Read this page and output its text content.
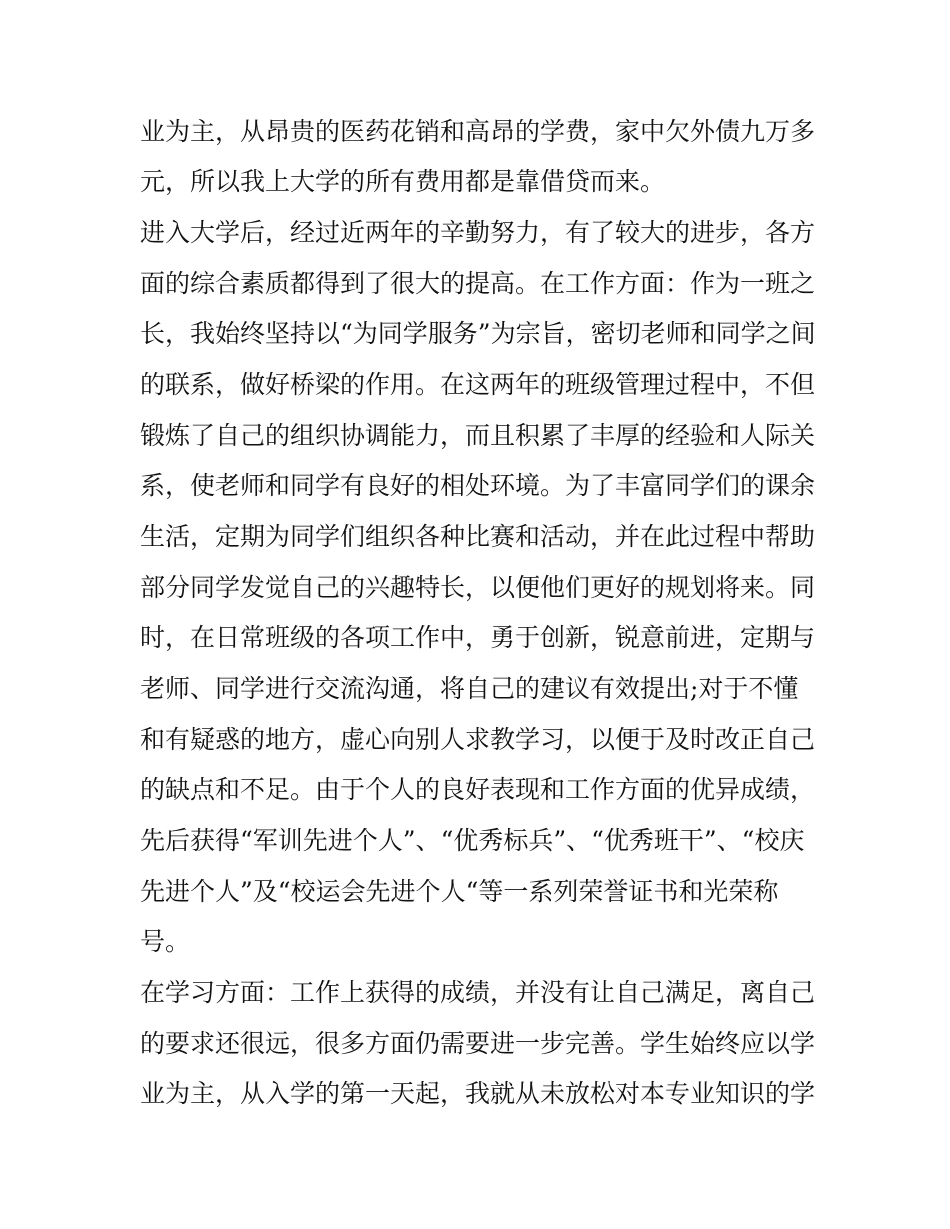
业为主，从昂贵的医药花销和高昂的学费，家中欠外债九万多
元，所以我上大学的所有费用都是靠借贷而来。
进入大学后，经过近两年的辛勤努力，有了较大的进步，各方
面的综合素质都得到了很大的提高。在工作方面：作为一班之
长，我始终坚持以“为同学服务”为宗旨，密切老师和同学之间
的联系，做好桥梁的作用。在这两年的班级管理过程中，不但
锻炼了自己的组织协调能力，而且积累了丰厚的经验和人际关
系，使老师和同学有良好的相处环境。为了丰富同学们的课余
生活，定期为同学们组织各种比赛和活动，并在此过程中帮助
部分同学发觉自己的兴趣特长，以便他们更好的规划将来。同
时，在日常班级的各项工作中，勇于创新，锐意前进，定期与
老师、同学进行交流沟通，将自己的建议有效提出;对于不懂
和有疑惑的地方，虚心向别人求教学习，以便于及时改正自己
的缺点和不足。由于个人的良好表现和工作方面的优异成绩，
先后获得“军训先进个人”、“优秀标兵”、“优秀班干”、“校庆
先进个人”及“校运会先进个人“等一系列荣誉证书和光荣称
号。
在学习方面：工作上获得的成绩，并没有让自己满足，离自己
的要求还很远，很多方面仍需要进一步完善。学生始终应以学
业为主，从入学的第一天起，我就从未放松对本专业知识的学
